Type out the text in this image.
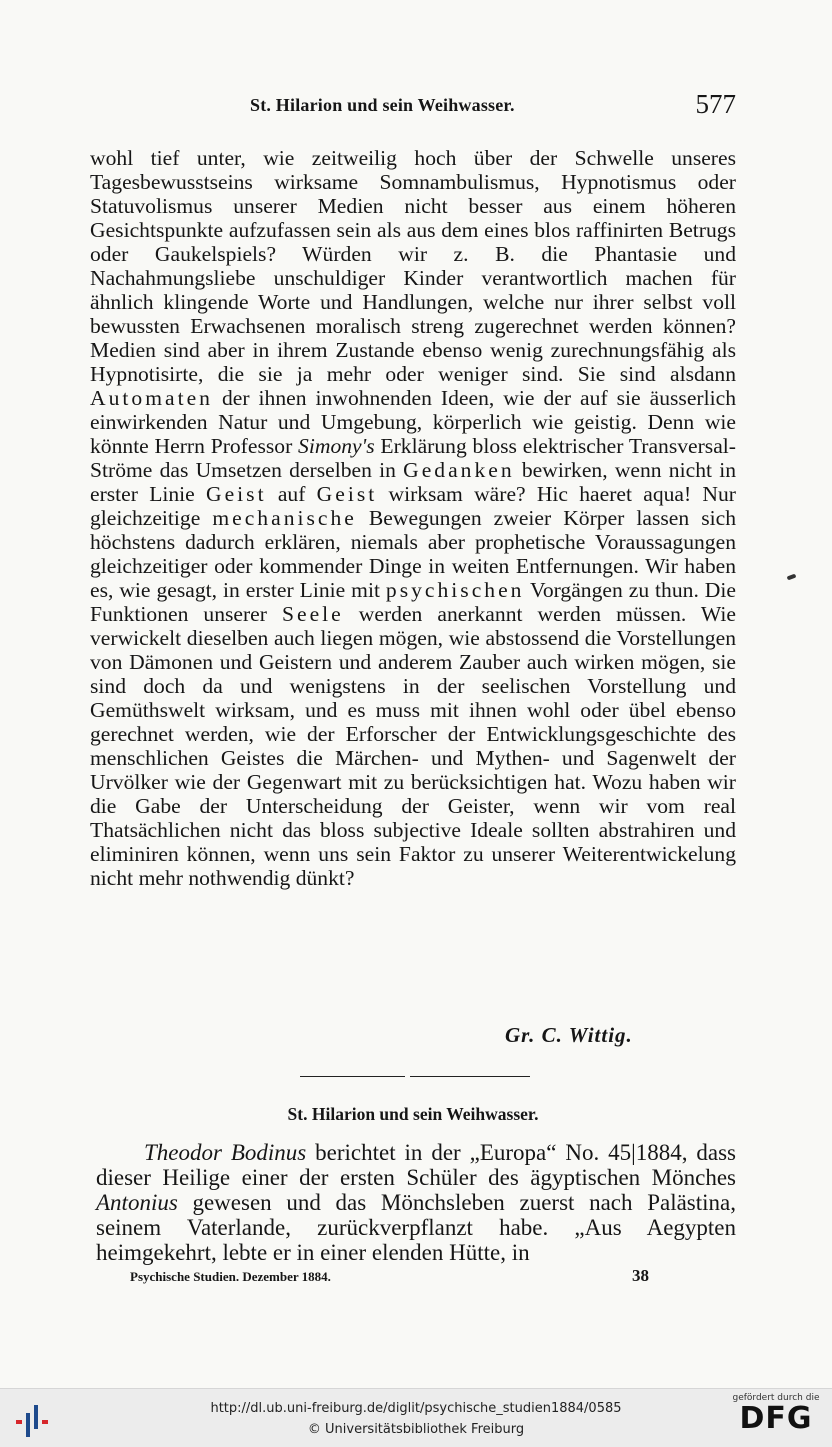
St. Hilarion und sein Weihwasser.	577
wohl tief unter, wie zeitweilig hoch über der Schwelle unseres Tagesbewusstseins wirksame Somnambulismus, Hypnotismus oder Statuvolismus unserer Medien nicht besser aus einem höheren Gesichtspunkte aufzufassen sein als aus dem eines blos raffinirten Betrugs oder Gaukelspiels? Würden wir z. B. die Phantasie und Nachahmungsliebe unschuldiger Kinder verantwortlich machen für ähnlich klingende Worte und Handlungen, welche nur ihrer selbst voll bewussten Erwachsenen moralisch streng zugerechnet werden können? Medien sind aber in ihrem Zustande ebenso wenig zurechnungsfähig als Hypnotisirte, die sie ja mehr oder weniger sind. Sie sind alsdann Automaten der ihnen inwohnenden Ideen, wie der auf sie äusserlich einwirkenden Natur und Umgebung, körperlich wie geistig. Denn wie könnte Herrn Professor Simony's Erklärung bloss elektrischer Transversal-Ströme das Umsetzen derselben in Gedanken bewirken, wenn nicht in erster Linie Geist auf Geist wirksam wäre? Hic haeret aqua! Nur gleichzeitige mechanische Bewegungen zweier Körper lassen sich höchstens dadurch erklären, niemals aber prophetische Voraussagungen gleichzeitiger oder kommender Dinge in weiten Entfernungen. Wir haben es, wie gesagt, in erster Linie mit psychischen Vorgängen zu thun. Die Funktionen unserer Seele werden anerkannt werden müssen. Wie verwickelt dieselben auch liegen mögen, wie abstossend die Vorstellungen von Dämonen und Geistern und anderem Zauber auch wirken mögen, sie sind doch da und wenigstens in der seelischen Vorstellung und Gemüthswelt wirksam, und es muss mit ihnen wohl oder übel ebenso gerechnet werden, wie der Erforscher der Entwicklungsgeschichte des menschlichen Geistes die Märchen- und Mythen- und Sagenwelt der Urvölker wie der Gegenwart mit zu berücksichtigen hat. Wozu haben wir die Gabe der Unterscheidung der Geister, wenn wir vom real Thatsächlichen nicht das bloss subjective Ideale sollten abstrahiren und eliminiren können, wenn uns sein Faktor zu unserer Weiterentwickelung nicht mehr nothwendig dünkt?
Gr. C. Wittig.
St. Hilarion und sein Weihwasser.
Theodor Bodinus berichtet in der „Europa“ No. 45|1884, dass dieser Heilige einer der ersten Schüler des ägyptischen Mönches Antonius gewesen und das Mönchsleben zuerst nach Palästina, seinem Vaterlande, zurückverpflanzt habe. „Aus Aegypten heimgekehrt, lebte er in einer elenden Hütte, in
Psychische Studien. Dezember 1884.	38
http://dl.ub.uni-freiburg.de/diglit/psychische_studien1884/0585
© Universitätsbibliothek Freiburg
gefördert durch die
DFG
